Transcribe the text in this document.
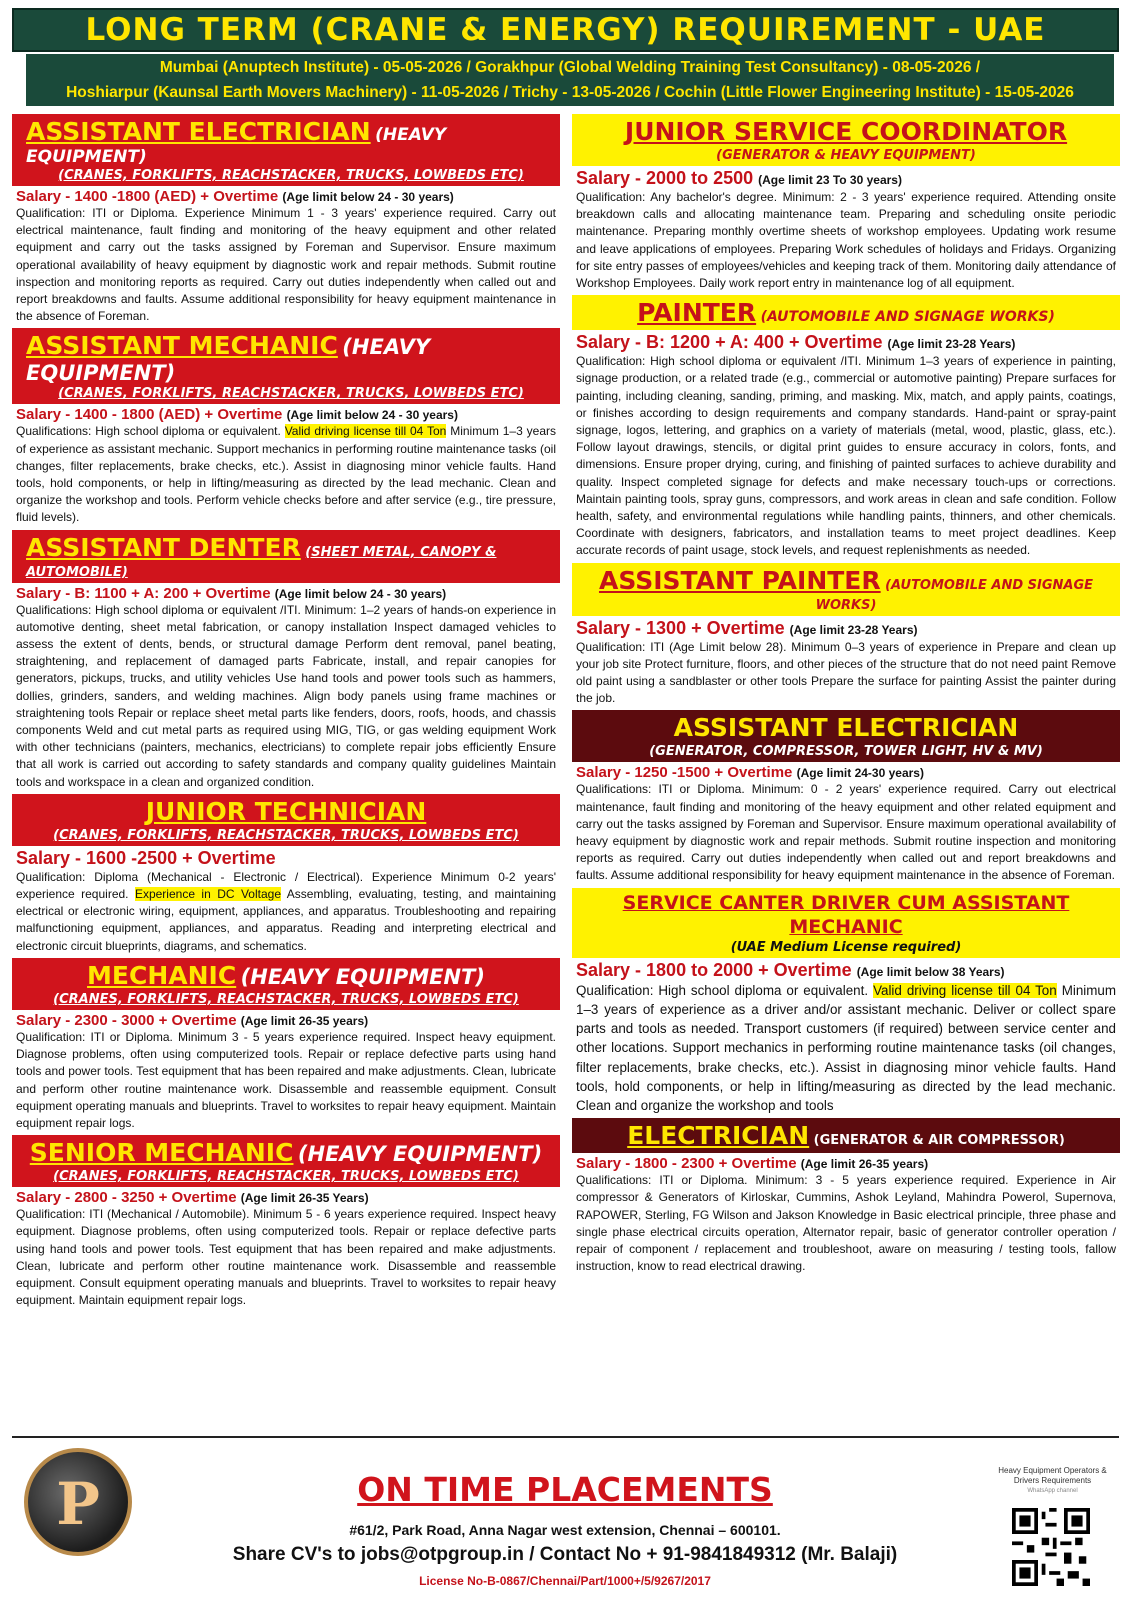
LONG TERM (CRANE & ENERGY) REQUIREMENT - UAE
Mumbai (Anuptech Institute) - 05-05-2026 / Gorakhpur (Global Welding Training Test Consultancy) - 08-05-2026 /
Hoshiarpur (Kaunsal Earth Movers Machinery) - 11-05-2026 / Trichy - 13-05-2026 / Cochin (Little Flower Engineering Institute) - 15-05-2026
ASSISTANT ELECTRICIAN (HEAVY EQUIPMENT)
(CRANES, FORKLIFTS, REACHSTACKER, TRUCKS, LOWBEDS ETC)
Salary - 1400 -1800 (AED) + Overtime (Age limit below 24 - 30 years)
Qualification: ITI or Diploma. Experience Minimum 1 - 3 years' experience required. Carry out electrical maintenance, fault finding and monitoring of the heavy equipment and other related equipment and carry out the tasks assigned by Foreman and Supervisor. Ensure maximum operational availability of heavy equipment by diagnostic work and repair methods. Submit routine inspection and monitoring reports as required. Carry out duties independently when called out and report breakdowns and faults. Assume additional responsibility for heavy equipment maintenance in the absence of Foreman.
ASSISTANT MECHANIC (HEAVY EQUIPMENT)
(CRANES, FORKLIFTS, REACHSTACKER, TRUCKS, LOWBEDS ETC)
Salary - 1400 - 1800 (AED) + Overtime (Age limit below 24 - 30 years)
Qualifications: High school diploma or equivalent. Valid driving license till 04 Ton Minimum 1–3 years of experience as assistant mechanic. Support mechanics in performing routine maintenance tasks (oil changes, filter replacements, brake checks, etc.). Assist in diagnosing minor vehicle faults. Hand tools, hold components, or help in lifting/measuring as directed by the lead mechanic. Clean and organize the workshop and tools. Perform vehicle checks before and after service (e.g., tire pressure, fluid levels).
ASSISTANT DENTER (SHEET METAL, CANOPY & AUTOMOBILE)
Salary - B: 1100 + A: 200 + Overtime (Age limit below 24 - 30 years)
Qualifications: High school diploma or equivalent /ITI. Minimum: 1–2 years of hands-on experience in automotive denting, sheet metal fabrication, or canopy installation Inspect damaged vehicles to assess the extent of dents, bends, or structural damage Perform dent removal, panel beating, straightening, and replacement of damaged parts Fabricate, install, and repair canopies for generators, pickups, trucks, and utility vehicles Use hand tools and power tools such as hammers, dollies, grinders, sanders, and welding machines. Align body panels using frame machines or straightening tools Repair or replace sheet metal parts like fenders, doors, roofs, hoods, and chassis components Weld and cut metal parts as required using MIG, TIG, or gas welding equipment Work with other technicians (painters, mechanics, electricians) to complete repair jobs efficiently Ensure that all work is carried out according to safety standards and company quality guidelines Maintain tools and workspace in a clean and organized condition.
JUNIOR TECHNICIAN
(CRANES, FORKLIFTS, REACHSTACKER, TRUCKS, LOWBEDS ETC)
Salary - 1600 -2500 + Overtime
Qualification: Diploma (Mechanical - Electronic / Electrical). Experience Minimum 0-2 years' experience required. Experience in DC Voltage Assembling, evaluating, testing, and maintaining electrical or electronic wiring, equipment, appliances, and apparatus. Troubleshooting and repairing malfunctioning equipment, appliances, and apparatus. Reading and interpreting electrical and electronic circuit blueprints, diagrams, and schematics.
MECHANIC (HEAVY EQUIPMENT)
(CRANES, FORKLIFTS, REACHSTACKER, TRUCKS, LOWBEDS ETC)
Salary - 2300 - 3000 + Overtime (Age limit 26-35 years)
Qualification: ITI or Diploma. Minimum 3 - 5 years experience required. Inspect heavy equipment. Diagnose problems, often using computerized tools. Repair or replace defective parts using hand tools and power tools. Test equipment that has been repaired and make adjustments. Clean, lubricate and perform other routine maintenance work. Disassemble and reassemble equipment. Consult equipment operating manuals and blueprints. Travel to worksites to repair heavy equipment. Maintain equipment repair logs.
SENIOR MECHANIC (HEAVY EQUIPMENT)
(CRANES, FORKLIFTS, REACHSTACKER, TRUCKS, LOWBEDS ETC)
Salary - 2800 - 3250 + Overtime (Age limit 26-35 Years)
Qualification: ITI (Mechanical / Automobile). Minimum 5 - 6 years experience required. Inspect heavy equipment. Diagnose problems, often using computerized tools. Repair or replace defective parts using hand tools and power tools. Test equipment that has been repaired and make adjustments. Clean, lubricate and perform other routine maintenance work. Disassemble and reassemble equipment. Consult equipment operating manuals and blueprints. Travel to worksites to repair heavy equipment. Maintain equipment repair logs.
JUNIOR SERVICE COORDINATOR
(GENERATOR & HEAVY EQUIPMENT)
Salary - 2000 to 2500 (Age limit 23 To 30 years)
Qualification: Any bachelor's degree. Minimum: 2 - 3 years' experience required. Attending onsite breakdown calls and allocating maintenance team. Preparing and scheduling onsite periodic maintenance. Preparing monthly overtime sheets of workshop employees. Updating work resume and leave applications of employees. Preparing Work schedules of holidays and Fridays. Organizing for site entry passes of employees/vehicles and keeping track of them. Monitoring daily attendance of Workshop Employees. Daily work report entry in maintenance log of all equipment.
PAINTER (AUTOMOBILE AND SIGNAGE WORKS)
Salary - B: 1200 + A: 400 + Overtime (Age limit 23-28 Years)
Qualification: High school diploma or equivalent /ITI. Minimum 1–3 years of experience in painting, signage production, or a related trade (e.g., commercial or automotive painting) Prepare surfaces for painting, including cleaning, sanding, priming, and masking. Mix, match, and apply paints, coatings, or finishes according to design requirements and company standards. Hand-paint or spray-paint signage, logos, lettering, and graphics on a variety of materials (metal, wood, plastic, glass, etc.). Follow layout drawings, stencils, or digital print guides to ensure accuracy in colors, fonts, and dimensions. Ensure proper drying, curing, and finishing of painted surfaces to achieve durability and quality. Inspect completed signage for defects and make necessary touch-ups or corrections. Maintain painting tools, spray guns, compressors, and work areas in clean and safe condition. Follow health, safety, and environmental regulations while handling paints, thinners, and other chemicals. Coordinate with designers, fabricators, and installation teams to meet project deadlines. Keep accurate records of paint usage, stock levels, and request replenishments as needed.
ASSISTANT PAINTER (AUTOMOBILE AND SIGNAGE WORKS)
Salary - 1300 + Overtime (Age limit 23-28 Years)
Qualification: ITI (Age Limit below 28). Minimum 0–3 years of experience in Prepare and clean up your job site Protect furniture, floors, and other pieces of the structure that do not need paint Remove old paint using a sandblaster or other tools Prepare the surface for painting Assist the painter during the job.
ASSISTANT ELECTRICIAN
(GENERATOR, COMPRESSOR, TOWER LIGHT, HV & MV)
Salary - 1250 -1500 + Overtime (Age limit 24-30 years)
Qualifications: ITI or Diploma. Minimum: 0 - 2 years' experience required. Carry out electrical maintenance, fault finding and monitoring of the heavy equipment and other related equipment and carry out the tasks assigned by Foreman and Supervisor. Ensure maximum operational availability of heavy equipment by diagnostic work and repair methods. Submit routine inspection and monitoring reports as required. Carry out duties independently when called out and report breakdowns and faults. Assume additional responsibility for heavy equipment maintenance in the absence of Foreman.
SERVICE CANTER DRIVER CUM ASSISTANT MECHANIC
(UAE Medium License required)
Salary - 1800 to 2000 + Overtime (Age limit below 38 Years)
Qualification: High school diploma or equivalent. Valid driving license till 04 Ton Minimum 1–3 years of experience as a driver and/or assistant mechanic. Deliver or collect spare parts and tools as needed. Transport customers (if required) between service center and other locations. Support mechanics in performing routine maintenance tasks (oil changes, filter replacements, brake checks, etc.). Assist in diagnosing minor vehicle faults. Hand tools, hold components, or help in lifting/measuring as directed by the lead mechanic. Clean and organize the workshop and tools
ELECTRICIAN (GENERATOR & AIR COMPRESSOR)
Salary - 1800 - 2300 + Overtime (Age limit 26-35 years)
Qualifications: ITI or Diploma. Minimum: 3 - 5 years experience required. Experience in Air compressor & Generators of Kirloskar, Cummins, Ashok Leyland, Mahindra Powerol, Supernova, RAPOWER, Sterling, FG Wilson and Jakson Knowledge in Basic electrical principle, three phase and single phase electrical circuits operation, Alternator repair, basic of generator controller operation / repair of component / replacement and troubleshoot, aware on measuring / testing tools, fallow instruction, know to read electrical drawing.
P	ON TIME PLACEMENTS
#61/2, Park Road, Anna Nagar west extension, Chennai – 600101.
Share CV's to jobs@otpgroup.in / Contact No + 91-9841849312 (Mr. Balaji)
License No-B-0867/Chennai/Part/1000+/5/9267/2017
Heavy Equipment Operators & Drivers Requirements
WhatsApp channel
